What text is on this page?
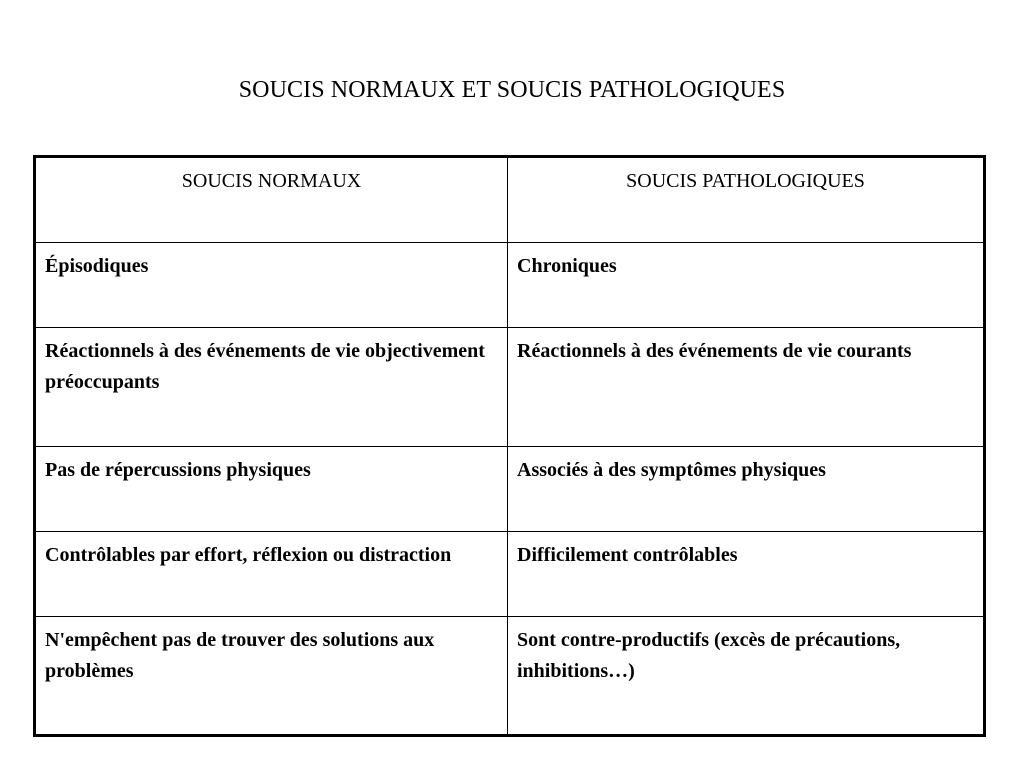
SOUCIS NORMAUX ET SOUCIS PATHOLOGIQUES
SOUCIS NORMAUX	SOUCIS PATHOLOGIQUES
Épisodiques	Chroniques
Réactionnels à des événements de vie objectivement préoccupants	Réactionnels à des événements de vie courants
Pas de répercussions physiques	Associés à des symptômes physiques
Contrôlables par effort, réflexion ou distraction	Difficilement contrôlables
N'empêchent pas de trouver des solutions aux problèmes	Sont contre-productifs (excès de précautions, inhibitions…)
